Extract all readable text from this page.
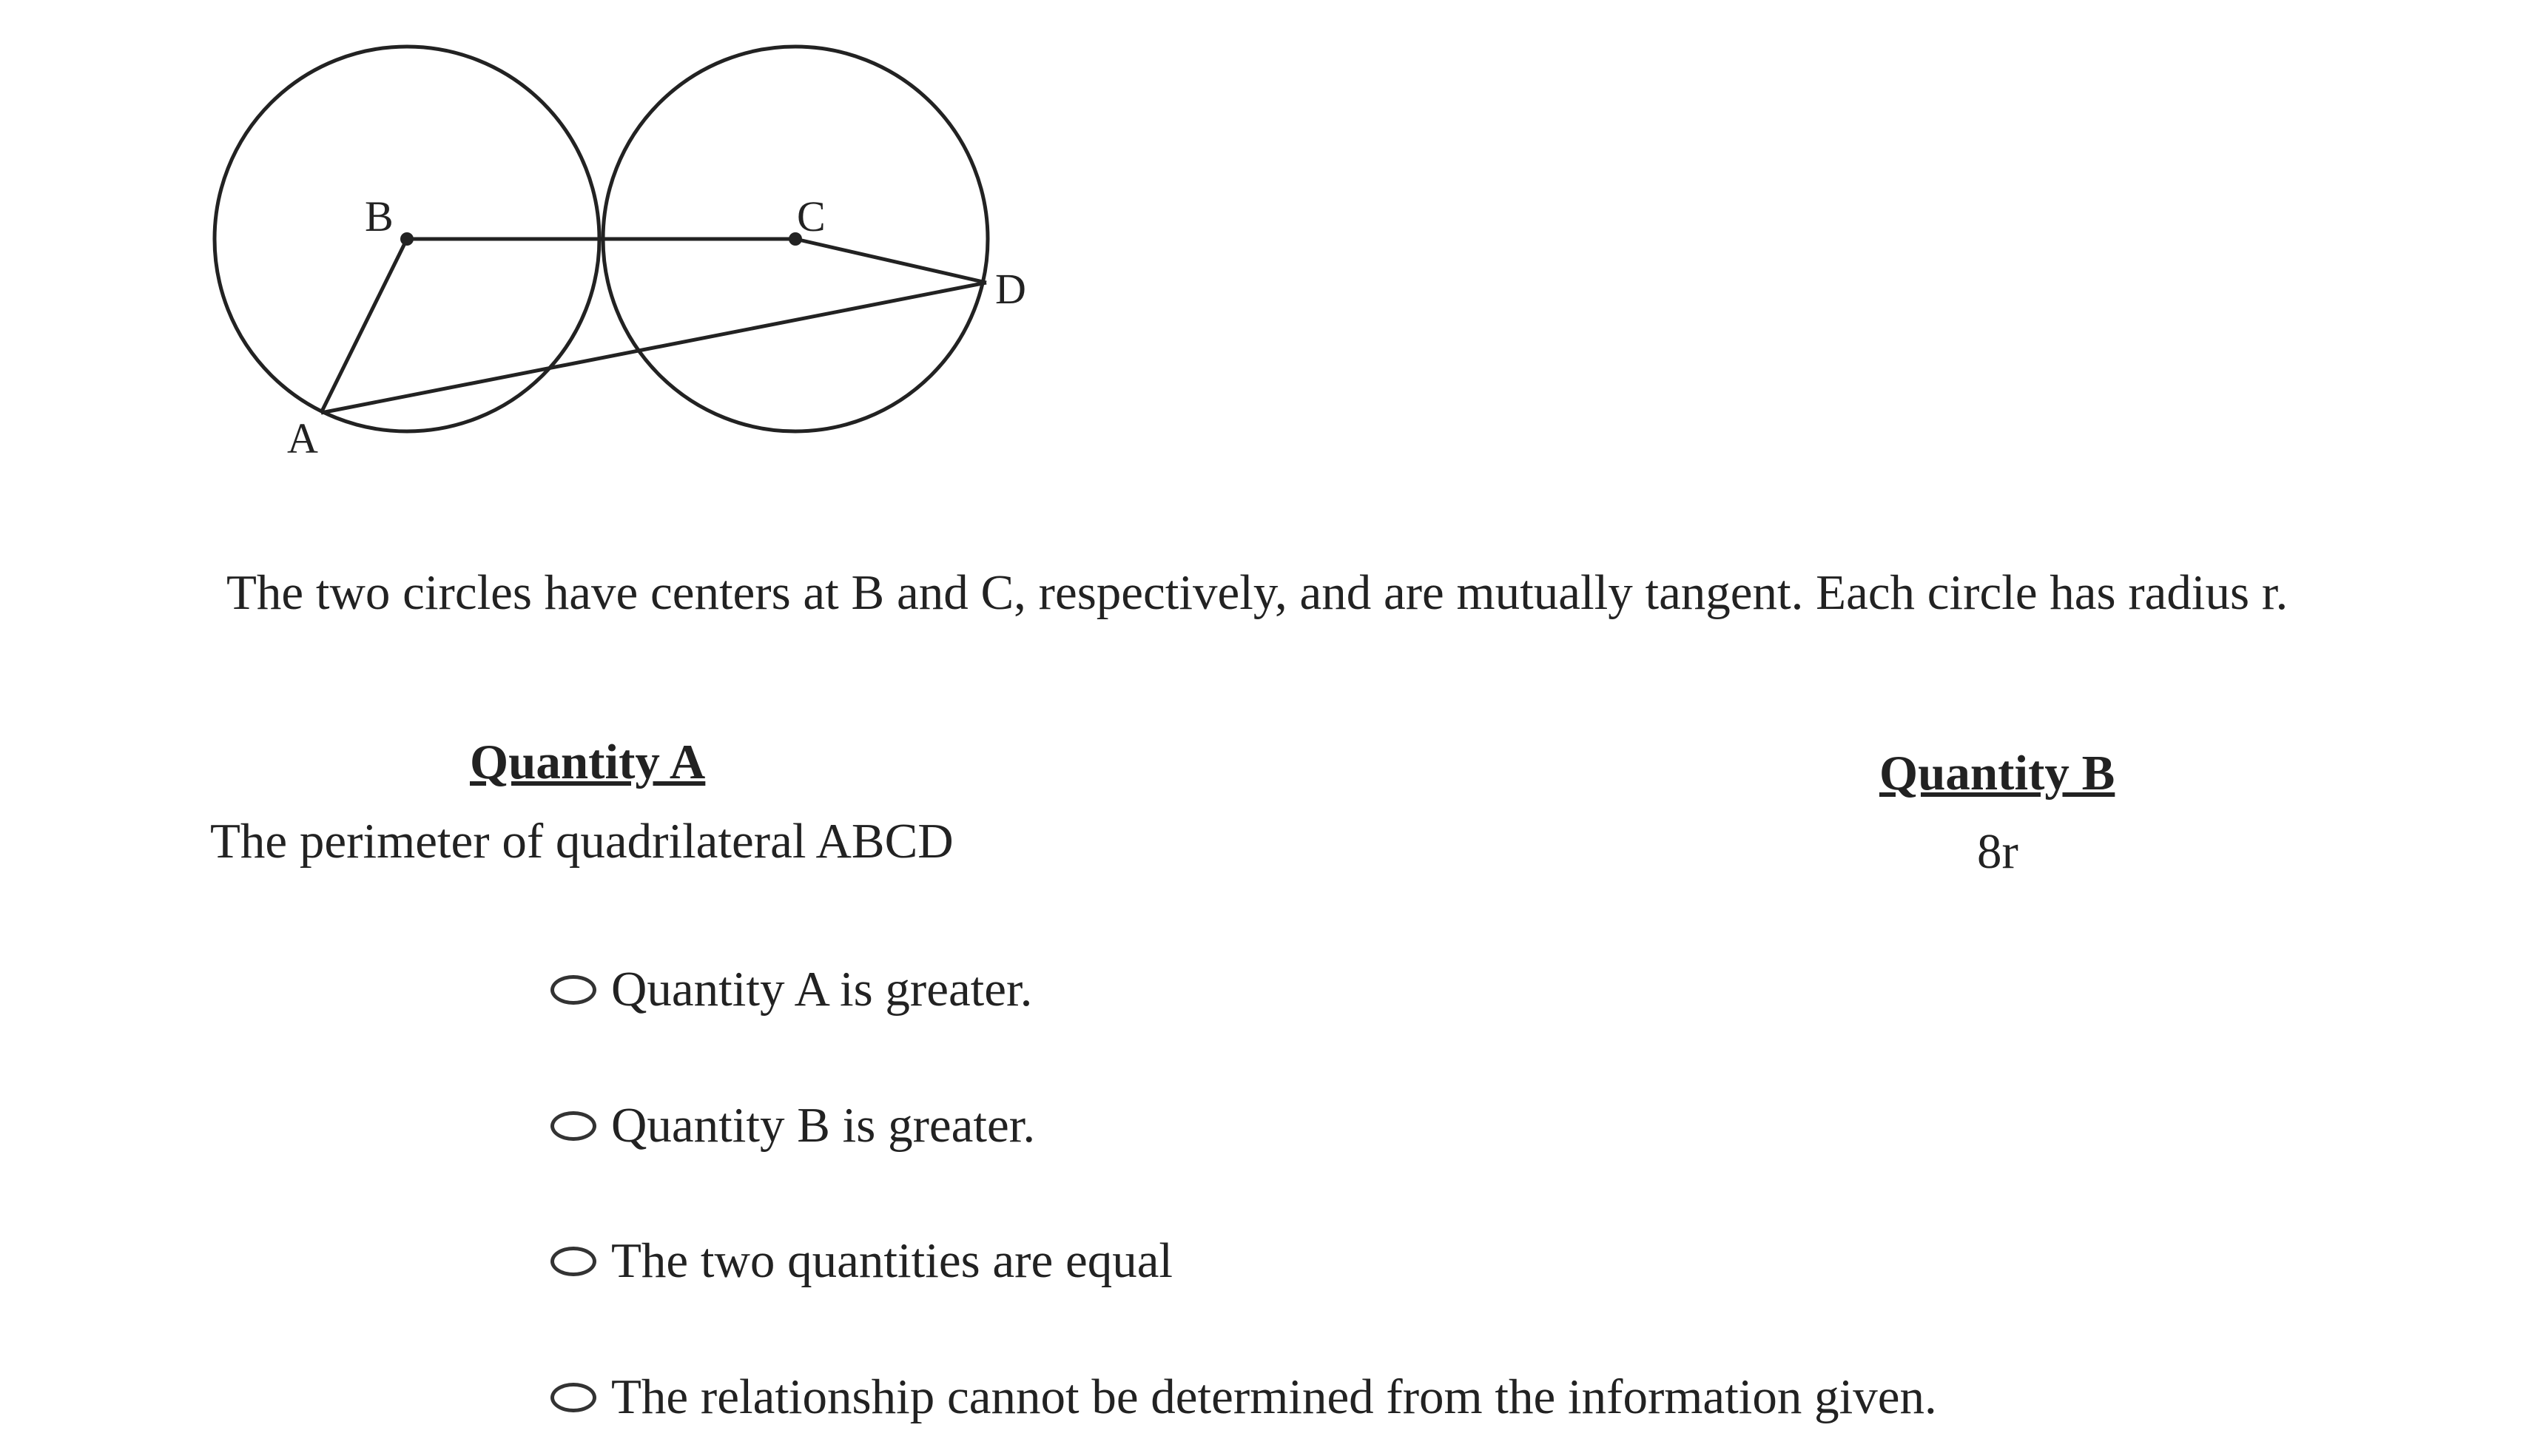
B	C
D
A
The two circles have centers at B and C, respectively, and are mutually tangent. Each circle has radius r.
Quantity A
The perimeter of quadrilateral ABCD
Quantity B
8r
Quantity A is greater.
Quantity B is greater.
The two quantities are equal
The relationship cannot be determined from the information given.
